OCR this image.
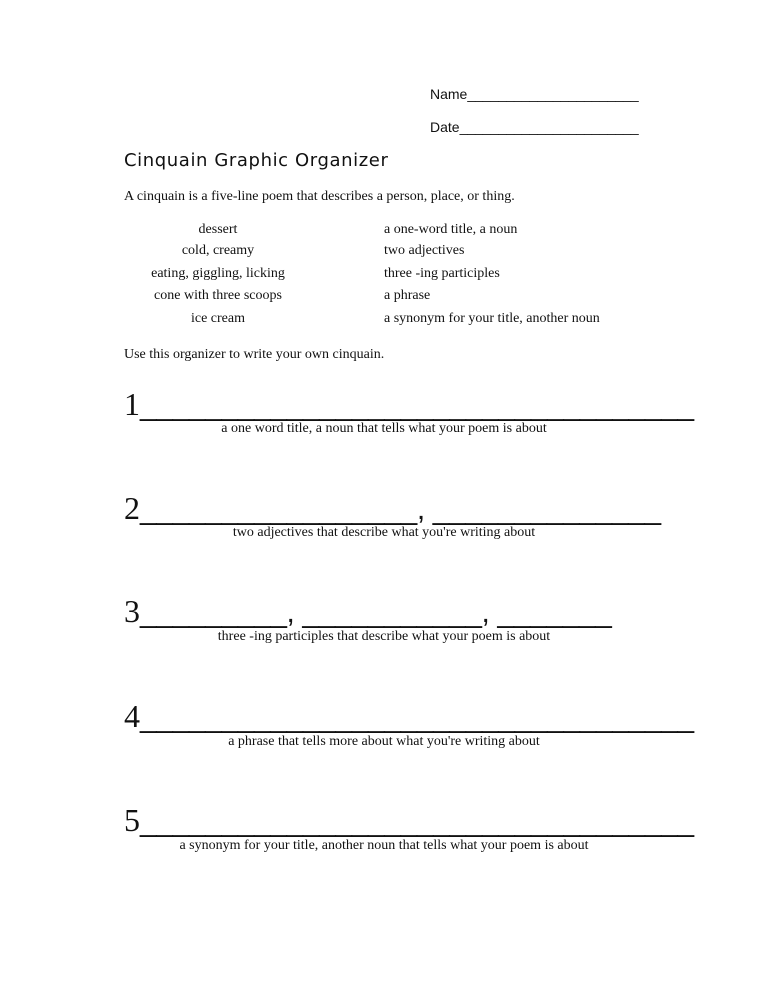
Name______________________
Date_______________________
Cinquain Graphic Organizer
A cinquain is a five-line poem that describes a person, place, or thing.
dessert	a one-word title, a noun
cold, creamy	two adjectives
eating, giggling, licking	three -ing participles
cone with three scoops	a phrase
ice cream	a synonym for your title, another noun
Use this organizer to write your own cinquain.
1__________________________________
a one word title, a noun that tells what your poem is about
2_________________, ______________
two adjectives that describe what you're writing about
3_________, ___________, _______
three -ing participles that describe what your poem is about
4__________________________________
a phrase that tells more about what you're writing about
5__________________________________
a synonym for your title, another noun that tells what your poem is about
